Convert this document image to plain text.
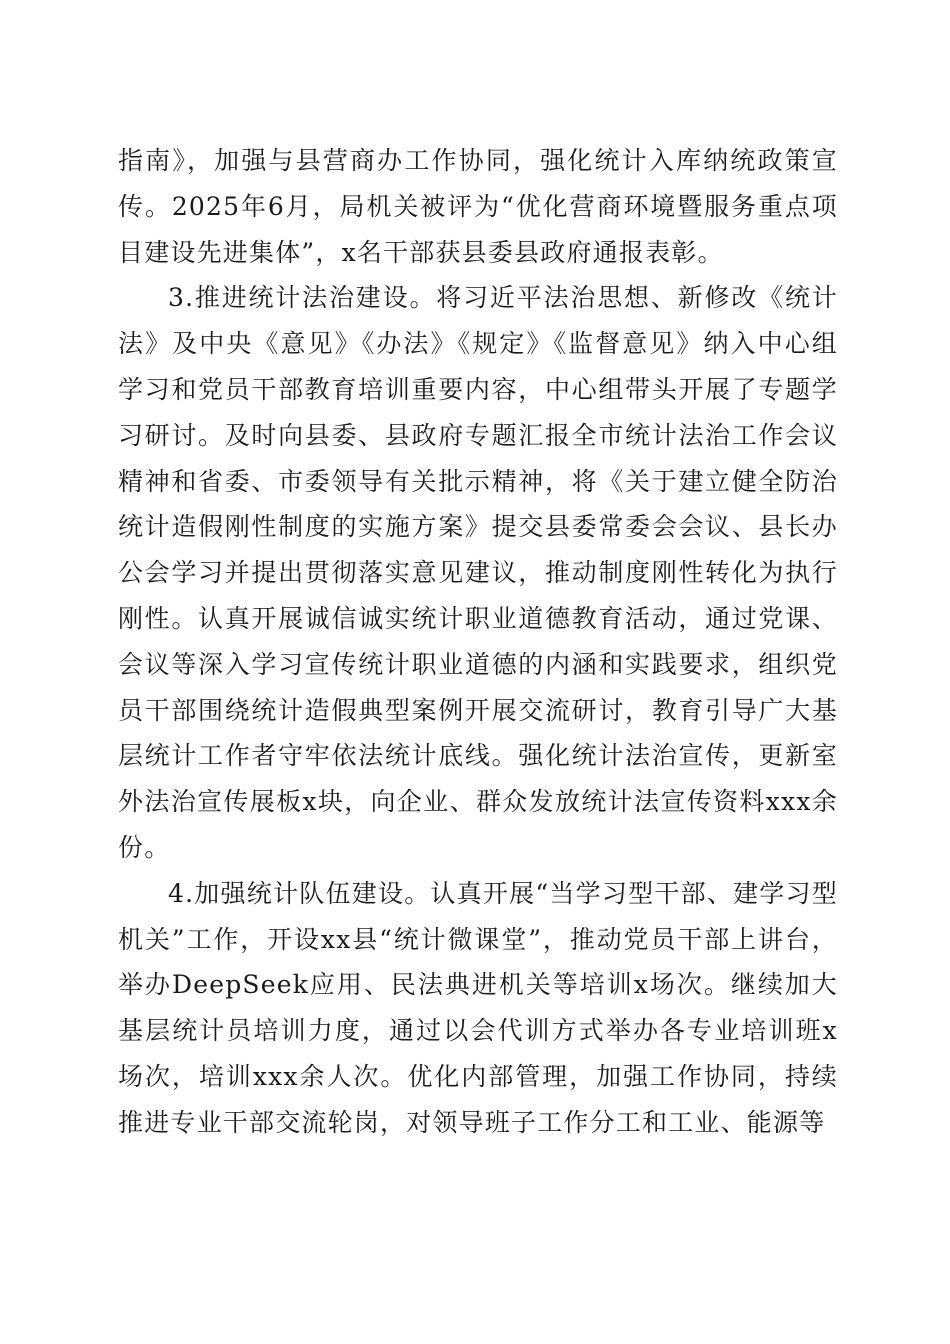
指南》，加强与县营商办工作协同，强化统计入库纳统政策宣传。2025年6月，局机关被评为“优化营商环境暨服务重点项目建设先进集体”，x名干部获县委县政府通报表彰。

3.推进统计法治建设。将习近平法治思想、新修改《统计法》及中央《意见》《办法》《规定》《监督意见》纳入中心组学习和党员干部教育培训重要内容，中心组带头开展了专题学习研讨。及时向县委、县政府专题汇报全市统计法治工作会议精神和省委、市委领导有关批示精神，将《关于建立健全防治统计造假刚性制度的实施方案》提交县委常委会会议、县长办公会学习并提出贯彻落实意见建议，推动制度刚性转化为执行刚性。认真开展诚信诚实统计职业道德教育活动，通过党课、会议等深入学习宣传统计职业道德的内涵和实践要求，组织党员干部围绕统计造假典型案例开展交流研讨，教育引导广大基层统计工作者守牢依法统计底线。强化统计法治宣传，更新室外法治宣传展板x块，向企业、群众发放统计法宣传资料xxx余份。

4.加强统计队伍建设。认真开展“当学习型干部、建学习型机关”工作，开设xx县“统计微课堂”，推动党员干部上讲台，举办DeepSeek应用、民法典进机关等培训x场次。继续加大基层统计员培训力度，通过以会代训方式举办各专业培训班x场次，培训xxx余人次。优化内部管理，加强工作协同，持续推进专业干部交流轮岗，对领导班子工作分工和工业、能源等
